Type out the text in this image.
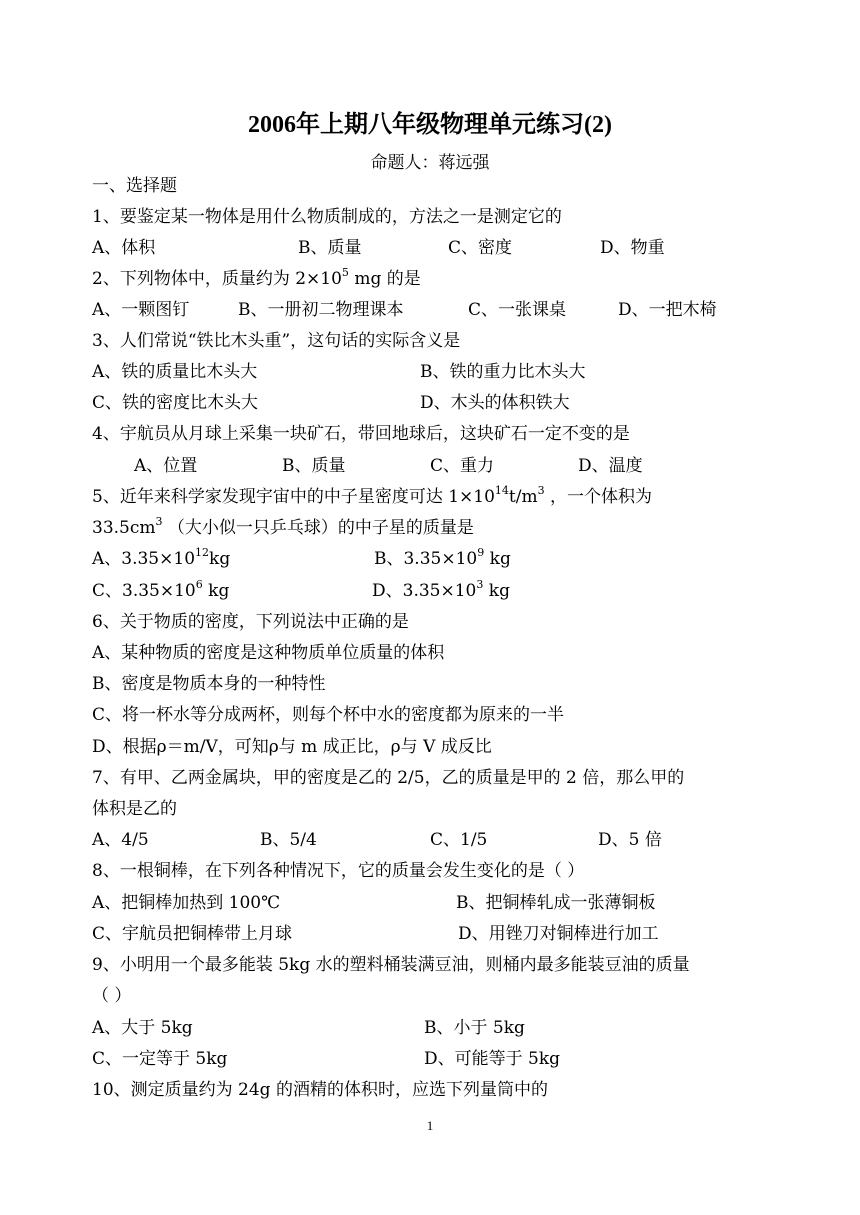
2006年上期八年级物理单元练习(2)
命题人：蒋远强
一、选择题
1、要鉴定某一物体是用什么物质制成的，方法之一是测定它的
A、体积	B、质量	C、密度	D、物重
2、下列物体中，质量约为 $2\times 10^5$ mg 的是
A、一颗图钉	B、一册初二物理课本	C、一张课桌	D、一把木椅
3、人们常说“铁比木头重”，这句话的实际含义是
A、铁的质量比木头大	B、铁的重力比木头大
C、铁的密度比木头大	D、木头的体积铁大
4、宇航员从月球上采集一块矿石，带回地球后，这块矿石一定不变的是
A、位置	B、质量	C、重力	D、温度
5、近年来科学家发现宇宙中的中子星密度可达 $1\times 10^{14}t/m^3$ ，一个体积为
$33.5cm^3$ （大小似一只乒乓球）的中子星的质量是
A、$3.35\times 10^{12}kg$	B、$3.35\times 10^9$ kg
C、$3.35\times 10^6$ kg	D、$3.35\times 10^3$ kg
6、关于物质的密度，下列说法中正确的是
A、某种物质的密度是这种物质单位质量的体积
B、密度是物质本身的一种特性
C、将一杯水等分成两杯，则每个杯中水的密度都为原来的一半
D、根据ρ＝m/V，可知ρ与 m 成正比，ρ与 V 成反比
7、有甲、乙两金属块，甲的密度是乙的 2/5，乙的质量是甲的 2 倍，那么甲的
体积是乙的
A、4/5	B、5/4	C、1/5	D、5 倍
8、一根铜棒，在下列各种情况下，它的质量会发生变化的是（ ）
A、把铜棒加热到 100℃	B、把铜棒轧成一张薄铜板
C、宇航员把铜棒带上月球	D、用锉刀对铜棒进行加工
9、小明用一个最多能装 5kg 水的塑料桶装满豆油，则桶内最多能装豆油的质量
（ ）
A、大于 5kg	B、小于 5kg
C、一定等于 5kg	D、可能等于 5kg
10、测定质量约为 24g 的酒精的体积时，应选下列量筒中的
1
